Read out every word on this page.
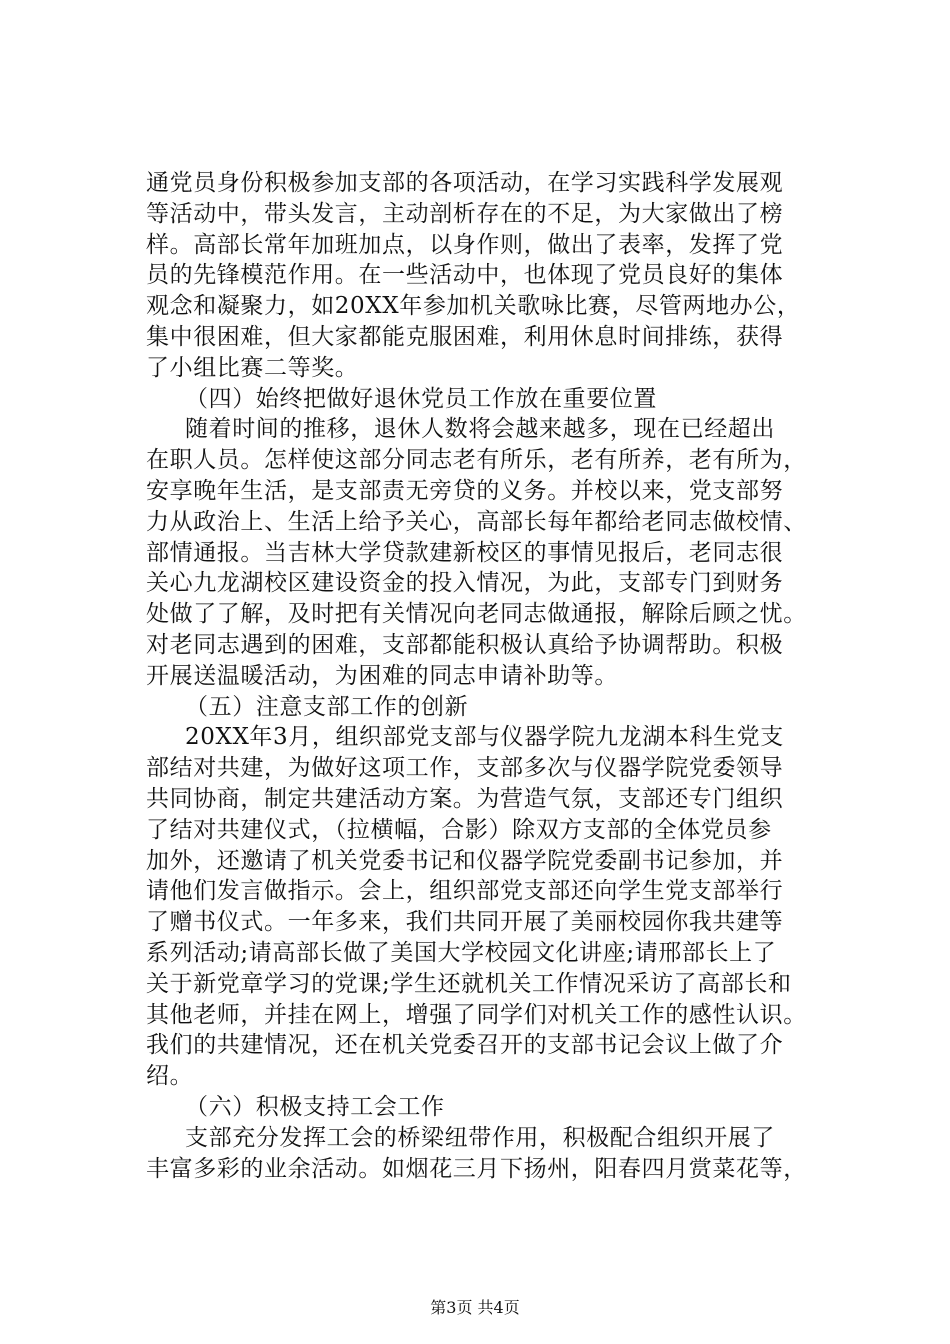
通党员身份积极参加支部的各项活动，在学习实践科学发展观
等活动中，带头发言，主动剖析存在的不足，为大家做出了榜
样。高部长常年加班加点，以身作则，做出了表率，发挥了党
员的先锋模范作用。在一些活动中，也体现了党员良好的集体
观念和凝聚力，如20XX年参加机关歌咏比赛，尽管两地办公，
集中很困难，但大家都能克服困难，利用休息时间排练，获得
了小组比赛二等奖。
（四）始终把做好退休党员工作放在重要位置
随着时间的推移，退休人数将会越来越多，现在已经超出
在职人员。怎样使这部分同志老有所乐，老有所养，老有所为，
安享晚年生活，是支部责无旁贷的义务。并校以来，党支部努
力从政治上、生活上给予关心，高部长每年都给老同志做校情、
部情通报。当吉林大学贷款建新校区的事情见报后，老同志很
关心九龙湖校区建设资金的投入情况，为此，支部专门到财务
处做了了解，及时把有关情况向老同志做通报，解除后顾之忧。
对老同志遇到的困难，支部都能积极认真给予协调帮助。积极
开展送温暖活动，为困难的同志申请补助等。
（五）注意支部工作的创新
20XX年3月，组织部党支部与仪器学院九龙湖本科生党支
部结对共建，为做好这项工作，支部多次与仪器学院党委领导
共同协商，制定共建活动方案。为营造气氛，支部还专门组织
了结对共建仪式，（拉横幅，合影）除双方支部的全体党员参
加外，还邀请了机关党委书记和仪器学院党委副书记参加，并
请他们发言做指示。会上，组织部党支部还向学生党支部举行
了赠书仪式。一年多来，我们共同开展了美丽校园你我共建等
系列活动;请高部长做了美国大学校园文化讲座;请邢部长上了
关于新党章学习的党课;学生还就机关工作情况采访了高部长和
其他老师，并挂在网上，增强了同学们对机关工作的感性认识。
我们的共建情况，还在机关党委召开的支部书记会议上做了介
绍。
（六）积极支持工会工作
支部充分发挥工会的桥梁纽带作用，积极配合组织开展了
丰富多彩的业余活动。如烟花三月下扬州，阳春四月赏菜花等，
第3页 共4页
